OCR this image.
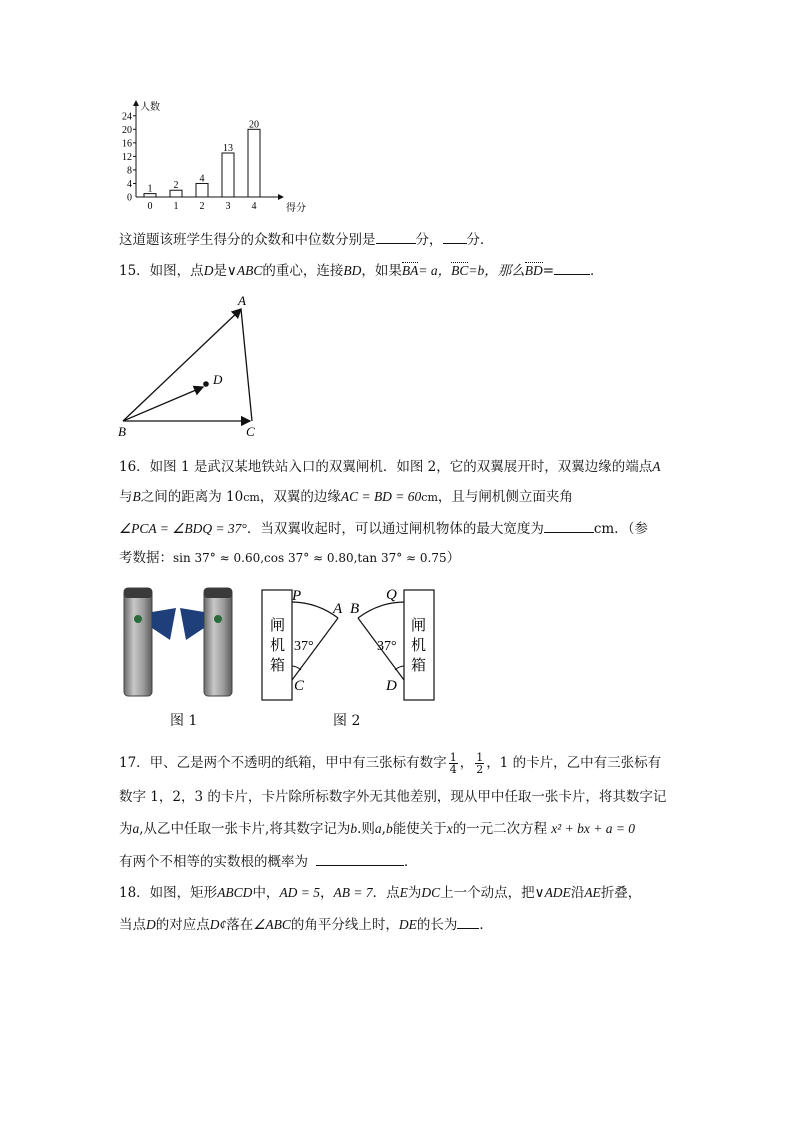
人数
得分
0
4
8
12
16
20
24
1
0
2
1
4
2
13
3
20
4
这道题该班学生得分的众数和中位数分别是	分， 分．
15．如图，点D是∨ABC的重心，连接BD，如果BA= a，BC=b，那么BD=	．
A
B	C
D
16．如图 1 是武汉某地铁站入口的双翼闸机．如图 2，它的双翼展开时，双翼边缘的端点A
与B之间的距离为 10cm，双翼的边缘AC = BD = 60cm，且与闸机侧立面夹角
∠PCA = ∠BDQ = 37°．当双翼收起时，可以通过闸机物体的最大宽度为	cm．（参
考数据：sin 37° ≈ 0.60,cos 37° ≈ 0.80,tan 37° ≈ 0.75）
图 1
闸
机
箱
37°
P
A
C
闸
机
箱
37°
Q
B
D
图 2
17．甲、乙是两个不透明的纸箱，甲中有三张标有数字 $\frac{1}{4}$ ， $\frac{1}{2}$ ，1 的卡片，乙中有三张标有
数字 1，2，3 的卡片，卡片除所标数字外无其他差别，现从甲中任取一张卡片，将其数字记
为a,从乙中任取一张卡片,将其数字记为b.则a,b能使关于x的一元二次方程 x² + bx + a = 0
有两个不相等的实数根的概率为	．
18．如图，矩形ABCD中，AD = 5，AB = 7．点E为DC上一个动点，把∨ADE沿AE折叠，
当点D的对应点D¢落在∠ABC的角平分线上时，DE的长为 ．
